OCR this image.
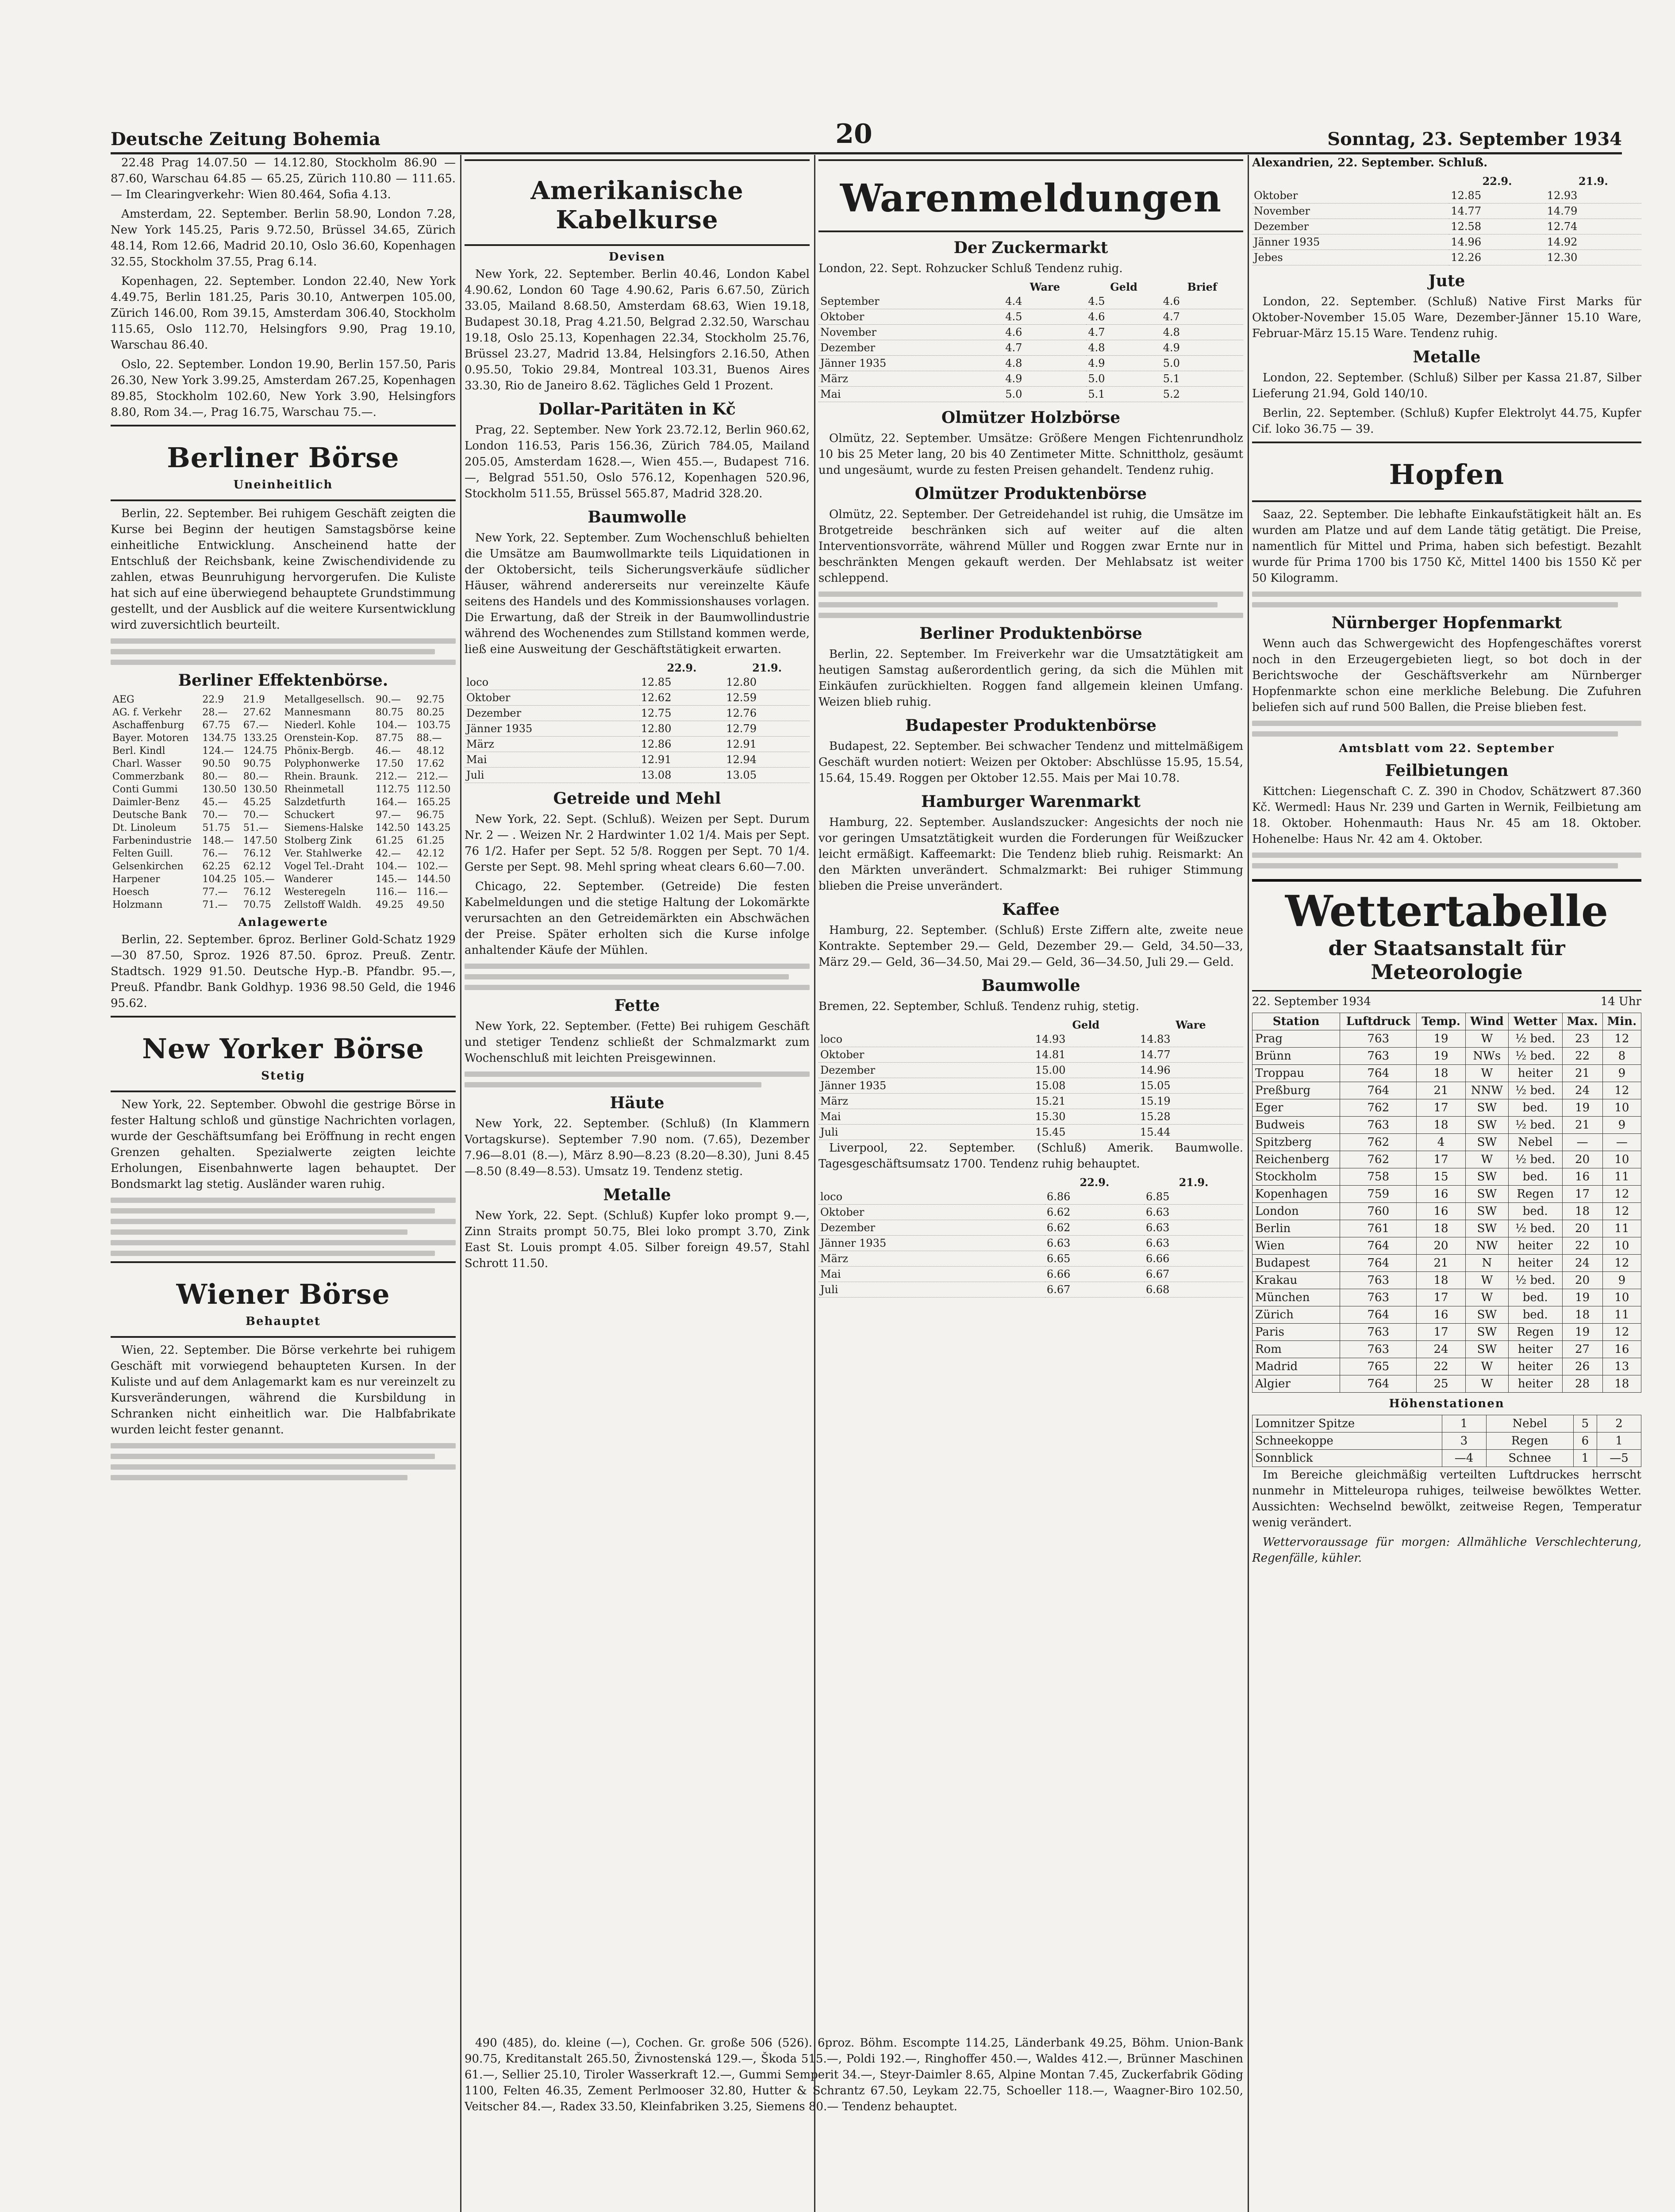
Deutsche Zeitung Bohemia	20	Sonntag, 23. September 1934

22.48 Prag 14.07.50 — 14.12.80, Stockholm 86.90 — 87.60, Warschau 64.85 — 65.25, Zürich 110.80 — 111.65. — Im Clearingverkehr: Wien 80.464, Sofia 4.13.

Amsterdam, 22. September. Berlin 58.90, London 7.28, New York 145.25, Paris 9.72.50, Brüssel 34.65, Zürich 48.14, Rom 12.66, Madrid 20.10, Oslo 36.60, Kopenhagen 32.55, Stockholm 37.55, Prag 6.14.

Kopenhagen, 22. September. London 22.40, New York 4.49.75, Berlin 181.25, Paris 30.10, Antwerpen 105.00, Zürich 146.00, Rom 39.15, Amsterdam 306.40, Stockholm 115.65, Oslo 112.70, Helsingfors 9.90, Prag 19.10, Warschau 86.40.

Oslo, 22. September. London 19.90, Berlin 157.50, Paris 26.30, New York 3.99.25, Amsterdam 267.25, Kopenhagen 89.85, Stockholm 102.60, New York 3.90, Helsingfors 8.80, Rom 34.—, Prag 16.75, Warschau 75.—.

Berliner Börse
Uneinheitlich

Berlin, 22. September. Bei ruhigem Geschäft zeigten die Kurse bei Beginn der heutigen Samstagsbörse keine einheitliche Entwicklung. Anscheinend hatte der Entschluß der Reichsbank, keine Zwischendividende zu zahlen, etwas Beunruhigung hervorgerufen. Die Kuliste hat sich auf eine überwiegend behauptete Grundstimmung gestellt, und der Ausblick auf die weitere Kursentwicklung wird zuversichtlich beurteilt.

Berliner Effektenbörse.
AEG	22.9	21.9	Metallgesellsch.	90.—	92.75
AG. f. Verkehr	28.—	27.62	Mannesmann	80.75	80.25
Aschaffenburg	67.75	67.—	Niederl. Kohle	104.—	103.75
Bayer. Motoren	134.75	133.25	Orenstein-Kop.	87.75	88.—
Berl. Kindl	124.—	124.75	Phönix-Bergb.	46.—	48.12
Charl. Wasser	90.50	90.75	Polyphonwerke	17.50	17.62
Commerzbank	80.—	80.—	Rhein. Braunk.	212.—	212.—
Conti Gummi	130.50	130.50	Rheinmetall	112.75	112.50
Daimler-Benz	45.—	45.25	Salzdetfurth	164.—	165.25
Deutsche Bank	70.—	70.—	Schuckert	97.—	96.75
Dt. Linoleum	51.75	51.—	Siemens-Halske	142.50	143.25
Farbenindustrie	148.—	147.50	Stolberg Zink	61.25	61.25
Felten Guill.	76.—	76.12	Ver. Stahlwerke	42.—	42.12
Gelsenkirchen	62.25	62.12	Vogel Tel.-Draht	104.—	102.—
Harpener	104.25	105.—	Wanderer	145.—	144.50
Hoesch	77.—	76.12	Westeregeln	116.—	116.—
Holzmann	71.—	70.75	Zellstoff Waldh.	49.25	49.50
Anlagewerte

Berlin, 22. September. 6proz. Berliner Gold-Schatz 1929—30 87.50, Sproz. 1926 87.50. 6proz. Preuß. Zentr. Stadtsch. 1929 91.50. Deutsche Hyp.-B. Pfandbr. 95.—, Preuß. Pfandbr. Bank Goldhyp. 1936 98.50 Geld, die 1946 95.62.

New Yorker Börse
Stetig

New York, 22. September. Obwohl die gestrige Börse in fester Haltung schloß und günstige Nachrichten vorlagen, wurde der Geschäftsumfang bei Eröffnung in recht engen Grenzen gehalten. Spezialwerte zeigten leichte Erholungen, Eisenbahnwerte lagen behauptet. Der Bondsmarkt lag stetig. Ausländer waren ruhig.

Wiener Börse
Behauptet

Wien, 22. September. Die Börse verkehrte bei ruhigem Geschäft mit vorwiegend behaupteten Kursen. In der Kuliste und auf dem Anlagemarkt kam es nur vereinzelt zu Kursveränderungen, während die Kursbildung in Schranken nicht einheitlich war. Die Halbfabrikate wurden leicht fester genannt.

Amerikanische Kabelkurse
Devisen

New York, 22. September. Berlin 40.46, London Kabel 4.90.62, London 60 Tage 4.90.62, Paris 6.67.50, Zürich 33.05, Mailand 8.68.50, Amsterdam 68.63, Wien 19.18, Budapest 30.18, Prag 4.21.50, Belgrad 2.32.50, Warschau 19.18, Oslo 25.13, Kopenhagen 22.34, Stockholm 25.76, Brüssel 23.27, Madrid 13.84, Helsingfors 2.16.50, Athen 0.95.50, Tokio 29.84, Montreal 103.31, Buenos Aires 33.30, Rio de Janeiro 8.62. Tägliches Geld 1 Prozent.

Dollar-Paritäten in Kč

Prag, 22. September. New York 23.72.12, Berlin 960.62, London 116.53, Paris 156.36, Zürich 784.05, Mailand 205.05, Amsterdam 1628.—, Wien 455.—, Budapest 716.—, Belgrad 551.50, Oslo 576.12, Kopenhagen 520.96, Stockholm 511.55, Brüssel 565.87, Madrid 328.20.

Baumwolle

New York, 22. September. Zum Wochenschluß behielten die Umsätze am Baumwollmarkte teils Liquidationen in der Oktobersicht, teils Sicherungsverkäufe südlicher Häuser, während andererseits nur vereinzelte Käufe seitens des Handels und des Kommissionshauses vorlagen. Die Erwartung, daß der Streik in der Baumwollindustrie während des Wochenendes zum Stillstand kommen werde, ließ eine Ausweitung der Geschäftstätigkeit erwarten.

	22.9.	21.9.
loco	12.85	12.80
Oktober	12.62	12.59
Dezember	12.75	12.76
Jänner 1935	12.80	12.79
März	12.86	12.91
Mai	12.91	12.94
Juli	13.08	13.05
Getreide und Mehl

New York, 22. Sept. (Schluß). Weizen per Sept. Durum Nr. 2 — . Weizen Nr. 2 Hardwinter 1.02 1/4. Mais per Sept. 76 1/2. Hafer per Sept. 52 5/8. Roggen per Sept. 70 1/4. Gerste per Sept. 98. Mehl spring wheat clears 6.60—7.00.

Chicago, 22. September. (Getreide) Die festen Kabelmeldungen und die stetige Haltung der Lokomärkte verursachten an den Getreidemärkten ein Abschwächen der Preise. Später erholten sich die Kurse infolge anhaltender Käufe der Mühlen.

Fette

New York, 22. September. (Fette) Bei ruhigem Geschäft und stetiger Tendenz schließt der Schmalzmarkt zum Wochenschluß mit leichten Preisgewinnen.

Häute

New York, 22. September. (Schluß) (In Klammern Vortagskurse). September 7.90 nom. (7.65), Dezember 7.96—8.01 (8.—), März 8.90—8.23 (8.20—8.30), Juni 8.45—8.50 (8.49—8.53). Umsatz 19. Tendenz stetig.

Metalle

New York, 22. Sept. (Schluß) Kupfer loko prompt 9.—, Zinn Straits prompt 50.75, Blei loko prompt 3.70, Zink East St. Louis prompt 4.05. Silber foreign 49.57, Stahl Schrott 11.50.

Warenmeldungen
Der Zuckermarkt

London, 22. Sept. Rohzucker Schluß Tendenz ruhig.

	Ware	Geld	Brief
September	4.4	4.5	4.6
Oktober	4.5	4.6	4.7
November	4.6	4.7	4.8
Dezember	4.7	4.8	4.9
Jänner 1935	4.8	4.9	5.0
März	4.9	5.0	5.1
Mai	5.0	5.1	5.2
Olmützer Holzbörse

Olmütz, 22. September. Umsätze: Größere Mengen Fichtenrundholz 10 bis 25 Meter lang, 20 bis 40 Zentimeter Mitte. Schnittholz, gesäumt und ungesäumt, wurde zu festen Preisen gehandelt. Tendenz ruhig.

Olmützer Produktenbörse

Olmütz, 22. September. Der Getreidehandel ist ruhig, die Umsätze im Brotgetreide beschränken sich auf weiter auf die alten Interventionsvorräte, während Müller und Roggen zwar Ernte nur in beschränkten Mengen gekauft werden. Der Mehlabsatz ist weiter schleppend.

Berliner Produktenbörse

Berlin, 22. September. Im Freiverkehr war die Umsatztätigkeit am heutigen Samstag außerordentlich gering, da sich die Mühlen mit Einkäufen zurückhielten. Roggen fand allgemein kleinen Umfang. Weizen blieb ruhig.

Budapester Produktenbörse

Budapest, 22. September. Bei schwacher Tendenz und mittelmäßigem Geschäft wurden notiert: Weizen per Oktober: Abschlüsse 15.95, 15.54, 15.64, 15.49. Roggen per Oktober 12.55. Mais per Mai 10.78.

Hamburger Warenmarkt

Hamburg, 22. September. Auslandszucker: Angesichts der noch nie vor geringen Umsatztätigkeit wurden die Forderungen für Weißzucker leicht ermäßigt. Kaffeemarkt: Die Tendenz blieb ruhig. Reismarkt: An den Märkten unverändert. Schmalzmarkt: Bei ruhiger Stimmung blieben die Preise unverändert.

Kaffee

Hamburg, 22. September. (Schluß) Erste Ziffern alte, zweite neue Kontrakte. September 29.— Geld, Dezember 29.— Geld, 34.50—33, März 29.— Geld, 36—34.50, Mai 29.— Geld, 36—34.50, Juli 29.— Geld.

Baumwolle

Bremen, 22. September, Schluß. Tendenz ruhig, stetig.

	Geld	Ware
loco	14.93	14.83
Oktober	14.81	14.77
Dezember	15.00	14.96
Jänner 1935	15.08	15.05
März	15.21	15.19
Mai	15.30	15.28
Juli	15.45	15.44

Liverpool, 22. September. (Schluß) Amerik. Baumwolle. Tagesgeschäftsumsatz 1700. Tendenz ruhig behauptet.

	22.9.	21.9.
loco	6.86	6.85
Oktober	6.62	6.63
Dezember	6.62	6.63
Jänner 1935	6.63	6.63
März	6.65	6.66
Mai	6.66	6.67
Juli	6.67	6.68

Alexandrien, 22. September. Schluß.

	22.9.	21.9.
Oktober	12.85	12.93
November	14.77	14.79
Dezember	12.58	12.74
Jänner 1935	14.96	14.92
Jebes	12.26	12.30
Jute

London, 22. September. (Schluß) Native First Marks für Oktober-November 15.05 Ware, Dezember-Jänner 15.10 Ware, Februar-März 15.15 Ware. Tendenz ruhig.

Metalle

London, 22. September. (Schluß) Silber per Kassa 21.87, Silber Lieferung 21.94, Gold 140/10.

Berlin, 22. September. (Schluß) Kupfer Elektrolyt 44.75, Kupfer Cif. loko 36.75 — 39.

Hopfen

Saaz, 22. September. Die lebhafte Einkaufstätigkeit hält an. Es wurden am Platze und auf dem Lande tätig getätigt. Die Preise, namentlich für Mittel und Prima, haben sich befestigt. Bezahlt wurde für Prima 1700 bis 1750 Kč, Mittel 1400 bis 1550 Kč per 50 Kilogramm.

Nürnberger Hopfenmarkt

Wenn auch das Schwergewicht des Hopfengeschäftes vorerst noch in den Erzeugergebieten liegt, so bot doch in der Berichtswoche der Geschäftsverkehr am Nürnberger Hopfenmarkte schon eine merkliche Belebung. Die Zufuhren beliefen sich auf rund 500 Ballen, die Preise blieben fest.

Amtsblatt vom 22. September
Feilbietungen

Kittchen: Liegenschaft C. Z. 390 in Chodov, Schätzwert 87.360 Kč. Wermedl: Haus Nr. 239 und Garten in Wernik, Feilbietung am 18. Oktober. Hohenmauth: Haus Nr. 45 am 18. Oktober. Hohenelbe: Haus Nr. 42 am 4. Oktober.

Wettertabelle
der Staatsanstalt für Meteorologie
22. September 1934	14 Uhr
Station	Luftdruck	Temp.	Wind	Wetter	Max.	Min.
Prag	763	19	W	½ bed.	23	12
Brünn	763	19	NWs	½ bed.	22	8
Troppau	764	18	W	heiter	21	9
Preßburg	764	21	NNW	½ bed.	24	12
Eger	762	17	SW	bed.	19	10
Budweis	763	18	SW	½ bed.	21	9
Spitzberg	762	4	SW	Nebel	—	—
Reichenberg	762	17	W	½ bed.	20	10
Stockholm	758	15	SW	bed.	16	11
Kopenhagen	759	16	SW	Regen	17	12
London	760	16	SW	bed.	18	12
Berlin	761	18	SW	½ bed.	20	11
Wien	764	20	NW	heiter	22	10
Budapest	764	21	N	heiter	24	12
Krakau	763	18	W	½ bed.	20	9
München	763	17	W	bed.	19	10
Zürich	764	16	SW	bed.	18	11
Paris	763	17	SW	Regen	19	12
Rom	763	24	SW	heiter	27	16
Madrid	765	22	W	heiter	26	13
Algier	764	25	W	heiter	28	18
Höhenstationen
Lomnitzer Spitze	1	Nebel	5	2
Schneekoppe	3	Regen	6	1
Sonnblick	—4	Schnee	1	—5

Im Bereiche gleichmäßig verteilten Luftdruckes herrscht nunmehr in Mitteleuropa ruhiges, teilweise bewölktes Wetter. Aussichten: Wechselnd bewölkt, zeitweise Regen, Temperatur wenig verändert.

Wettervoraussage für morgen: Allmähliche Verschlechterung, Regenfälle, kühler.

490 (485), do. kleine (—), Cochen. Gr. große 506 (526). 6proz. Böhm. Escompte 114.25, Länderbank 49.25, Böhm. Union-Bank 90.75, Kreditanstalt 265.50, Živnostenská 129.—, Škoda 515.—, Poldi 192.—, Ringhoffer 450.—, Waldes 412.—, Brünner Maschinen 61.—, Sellier 25.10, Tiroler Wasserkraft 12.—, Gummi Semperit 34.—, Steyr-Daimler 8.65, Alpine Montan 7.45, Zuckerfabrik Göding 1100, Felten 46.35, Zement Perlmooser 32.80, Hutter & Schrantz 67.50, Leykam 22.75, Schoeller 118.—, Waagner-Biro 102.50, Veitscher 84.—, Radex 33.50, Kleinfabriken 3.25, Siemens 80.— Tendenz behauptet.
